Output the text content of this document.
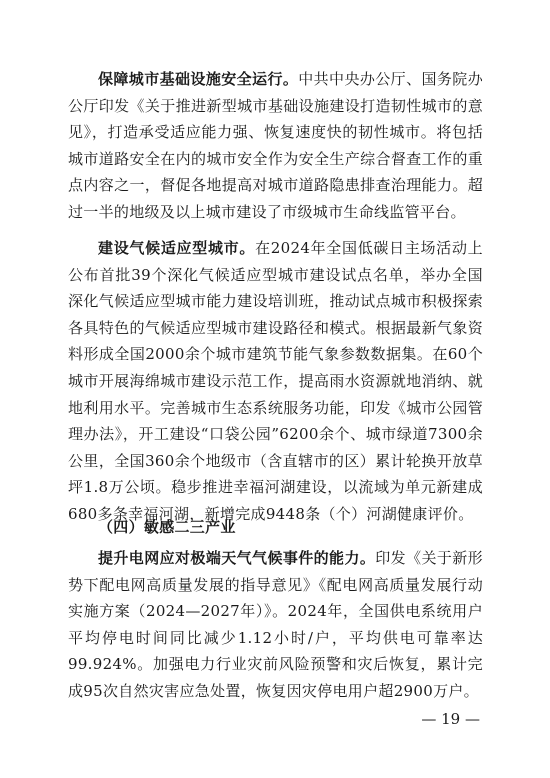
保障城市基础设施安全运行。中共中央办公厅、国务院办公厅印发《关于推进新型城市基础设施建设打造韧性城市的意见》，打造承受适应能力强、恢复速度快的韧性城市。将包括城市道路安全在内的城市安全作为安全生产综合督查工作的重点内容之一，督促各地提高对城市道路隐患排查治理能力。超过一半的地级及以上城市建设了市级城市生命线监管平台。

建设气候适应型城市。在2024年全国低碳日主场活动上公布首批39个深化气候适应型城市建设试点名单，举办全国深化气候适应型城市能力建设培训班，推动试点城市积极探索各具特色的气候适应型城市建设路径和模式。根据最新气象资料形成全国2000余个城市建筑节能气象参数数据集。在60个城市开展海绵城市建设示范工作，提高雨水资源就地消纳、就地利用水平。完善城市生态系统服务功能，印发《城市公园管理办法》，开工建设“口袋公园”6200余个、城市绿道7300余公里，全国360余个地级市（含直辖市的区）累计轮换开放草坪1.8万公顷。稳步推进幸福河湖建设，以流域为单元新建成680多条幸福河湖，新增完成9448条（个）河湖健康评价。

（四）敏感二三产业

提升电网应对极端天气气候事件的能力。印发《关于新形势下配电网高质量发展的指导意见》《配电网高质量发展行动实施方案（2024—2027年）》。2024年，全国供电系统用户平均停电时间同比减少1.12小时/户，平均供电可靠率达99.924%。加强电力行业灾前风险预警和灾后恢复，累计完成95次自然灾害应急处置，恢复因灾停电用户超2900万户。

— 19 —
